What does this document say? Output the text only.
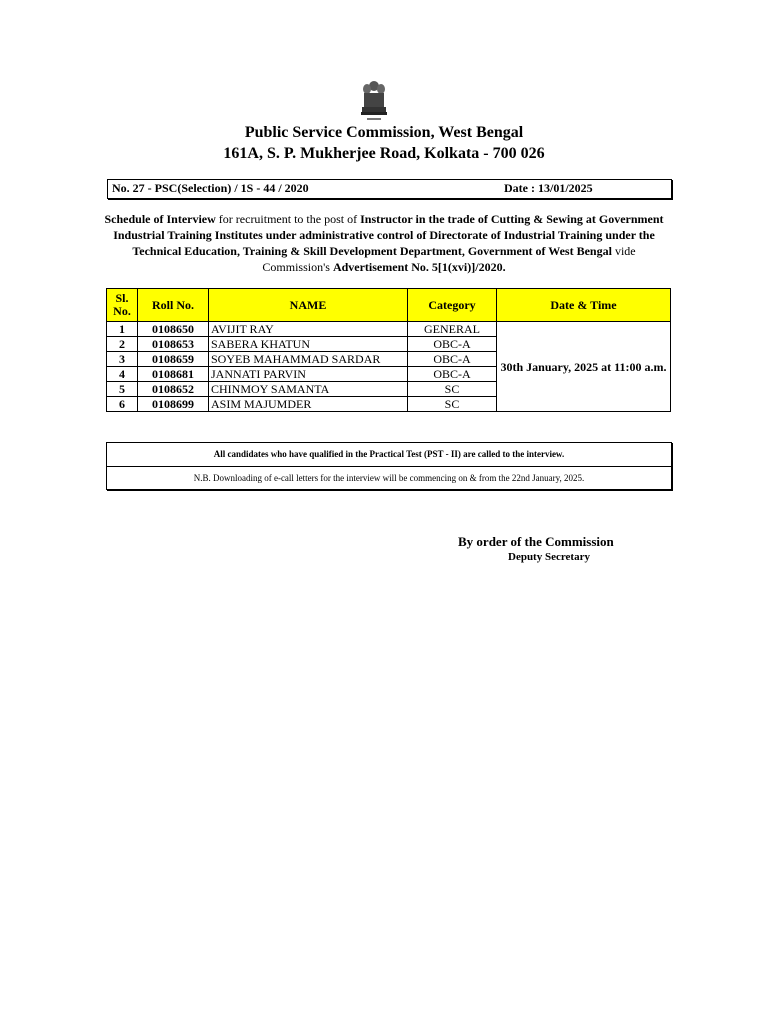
Public Service Commission, West Bengal
161A, S. P. Mukherjee Road, Kolkata - 700 026
No. 27 - PSC(Selection) / 1S - 44 / 2020	Date : 13/01/2025
Schedule of Interview for recruitment to the post of Instructor in the trade of Cutting & Sewing at Government Industrial Training Institutes under administrative control of Directorate of Industrial Training under the Technical Education, Training & Skill Development Department, Government of West Bengal vide Commission's Advertisement No. 5[1(xvi)]/2020.
Sl.
No.	Roll No.	NAME	Category	Date & Time
1	0108650	AVIJIT RAY	GENERAL	30th January, 2025 at 11:00 a.m.
2	0108653	SABERA KHATUN	OBC-A	
3	0108659	SOYEB MAHAMMAD SARDAR	OBC-A	
4	0108681	JANNATI PARVIN	OBC-A	
5	0108652	CHINMOY SAMANTA	SC	
6	0108699	ASIM MAJUMDER	SC	
All candidates who have qualified in the Practical Test (PST - II) are called to the interview.
N.B. Downloading of e-call letters for the interview will be commencing on & from the 22nd January, 2025.
By order of the Commission
Deputy Secretary
